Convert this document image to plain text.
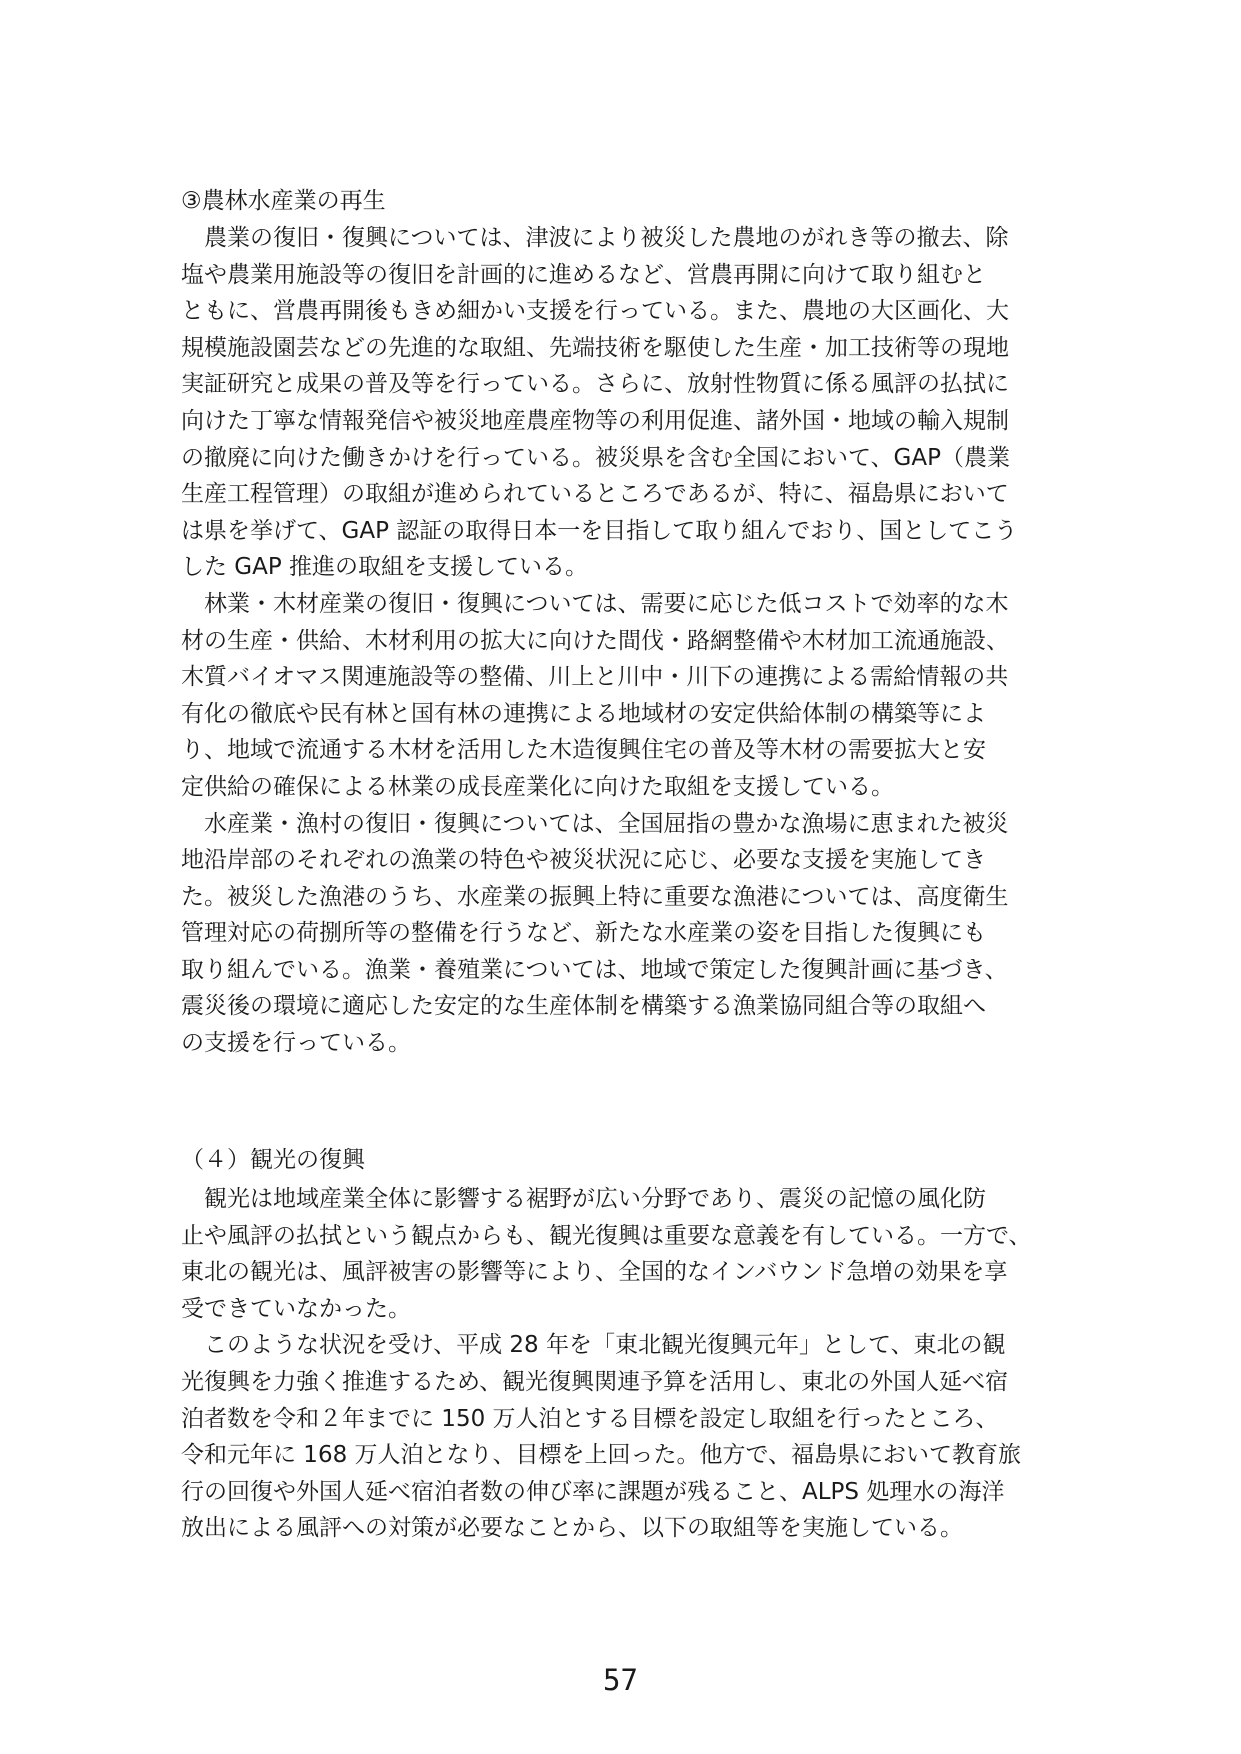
③農林水産業の再生
　農業の復旧・復興については、津波により被災した農地のがれき等の撤去、除
塩や農業用施設等の復旧を計画的に進めるなど、営農再開に向けて取り組むと
ともに、営農再開後もきめ細かい支援を行っている。また、農地の大区画化、大
規模施設園芸などの先進的な取組、先端技術を駆使した生産・加工技術等の現地
実証研究と成果の普及等を行っている。さらに、放射性物質に係る風評の払拭に
向けた丁寧な情報発信や被災地産農産物等の利用促進、諸外国・地域の輸入規制
の撤廃に向けた働きかけを行っている。被災県を含む全国において、GAP（農業
生産工程管理）の取組が進められているところであるが、特に、福島県において
は県を挙げて、GAP 認証の取得日本一を目指して取り組んでおり、国としてこう
した GAP 推進の取組を支援している。
　林業・木材産業の復旧・復興については、需要に応じた低コストで効率的な木
材の生産・供給、木材利用の拡大に向けた間伐・路網整備や木材加工流通施設、
木質バイオマス関連施設等の整備、川上と川中・川下の連携による需給情報の共
有化の徹底や民有林と国有林の連携による地域材の安定供給体制の構築等によ
り、地域で流通する木材を活用した木造復興住宅の普及等木材の需要拡大と安
定供給の確保による林業の成長産業化に向けた取組を支援している。
　水産業・漁村の復旧・復興については、全国屈指の豊かな漁場に恵まれた被災
地沿岸部のそれぞれの漁業の特色や被災状況に応じ、必要な支援を実施してき
た。被災した漁港のうち、水産業の振興上特に重要な漁港については、高度衛生
管理対応の荷捌所等の整備を行うなど、新たな水産業の姿を目指した復興にも
取り組んでいる。漁業・養殖業については、地域で策定した復興計画に基づき、
震災後の環境に適応した安定的な生産体制を構築する漁業協同組合等の取組へ
の支援を行っている。
（４）観光の復興
　観光は地域産業全体に影響する裾野が広い分野であり、震災の記憶の風化防
止や風評の払拭という観点からも、観光復興は重要な意義を有している。一方で、
東北の観光は、風評被害の影響等により、全国的なインバウンド急増の効果を享
受できていなかった。
　このような状況を受け、平成 28 年を「東北観光復興元年」として、東北の観
光復興を力強く推進するため、観光復興関連予算を活用し、東北の外国人延べ宿
泊者数を令和２年までに 150 万人泊とする目標を設定し取組を行ったところ、
令和元年に 168 万人泊となり、目標を上回った。他方で、福島県において教育旅
行の回復や外国人延べ宿泊者数の伸び率に課題が残ること、ALPS 処理水の海洋
放出による風評への対策が必要なことから、以下の取組等を実施している。
57
